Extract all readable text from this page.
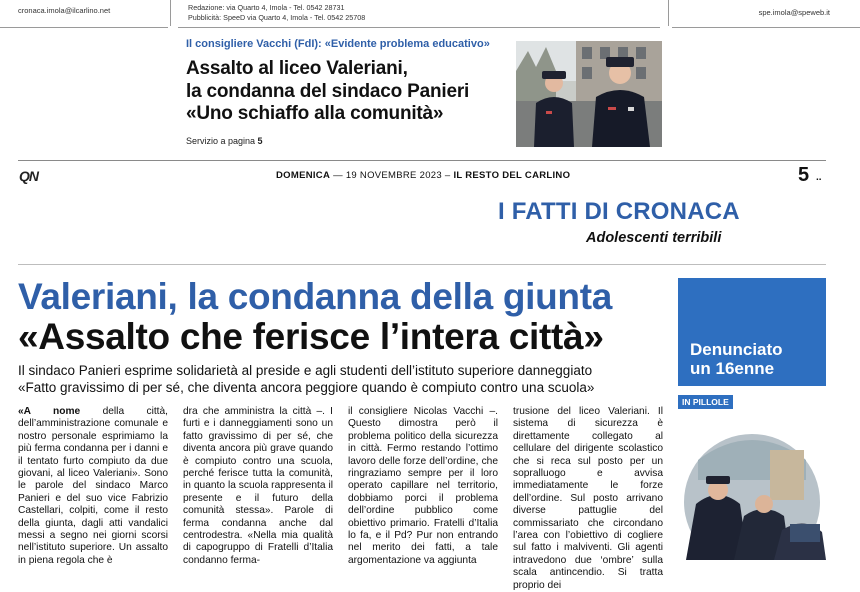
cronaca.imola@ilcarlino.net	Redazione: via Quarto 4, Imola - Tel. 0542 28731
Pubblicità: SpeeD via Quarto 4, Imola - Tel. 0542 25708
spe.imola@speweb.it
Il consigliere Vacchi (FdI): «Evidente problema educativo»
Assalto al liceo Valeriani,
la condanna del sindaco Panieri
«Uno schiaffo alla comunità»
Servizio a pagina 5
QN	DOMENICA — 19 NOVEMBRE 2023 – IL RESTO DEL CARLINO	5 ..
I FATTI DI CRONACA
Adolescenti terribili
Valeriani, la condanna della giunta
«Assalto che ferisce l’intera città»
Il sindaco Panieri esprime solidarietà al preside e agli studenti dell’istituto superiore danneggiato
«Fatto gravissimo di per sé, che diventa ancora peggiore quando è compiuto contro una scuola»
«A nome della città, dell’amministrazione comunale e nostro personale esprimiamo la più ferma condanna per i danni e il tentato furto compiuto da due giovani, al liceo Valeriani». Sono le parole del sindaco Marco Panieri e del suo vice Fabrizio Castellari, colpiti, come il resto della giunta, dagli atti vandalici messi a segno nei giorni scorsi nell’istituto superiore. Un assalto in piena regola che è
dra che amministra la città –. I furti e i danneggiamenti sono un fatto gravissimo di per sé, che diventa ancora più grave quando è compiuto contro una scuola, perché ferisce tutta la comunità, in quanto la scuola rappresenta il presente e il futuro della comunità stessa». Parole di ferma condanna anche dal centrodestra. «Nella mia qualità di capogruppo di Fratelli d’Italia condanno ferma-
il consigliere Nicolas Vacchi –. Questo dimostra però il problema politico della sicurezza in città. Fermo restando l’ottimo lavoro delle forze dell’ordine, che ringraziamo sempre per il loro operato capillare nel territorio, dobbiamo porci il problema dell’ordine pubblico come obiettivo primario. Fratelli d’Italia lo fa, e il Pd? Pur non entrando nel merito dei fatti, a tale argomentazione va aggiunta
trusione del liceo Valeriani. Il sistema di sicurezza è direttamente collegato al cellulare del dirigente scolastico che si reca sul posto per un sopralluogo e avvisa immediatamente le forze dell’ordine. Sul posto arrivano diverse pattuglie del commissariato che circondano l’area con l’obiettivo di cogliere sul fatto i malviventi. Gli agenti intravedono due ‘ombre’ sulla scala antincendio. Si tratta proprio dei
Denunciato
un 16enne
IN PILLOLE
